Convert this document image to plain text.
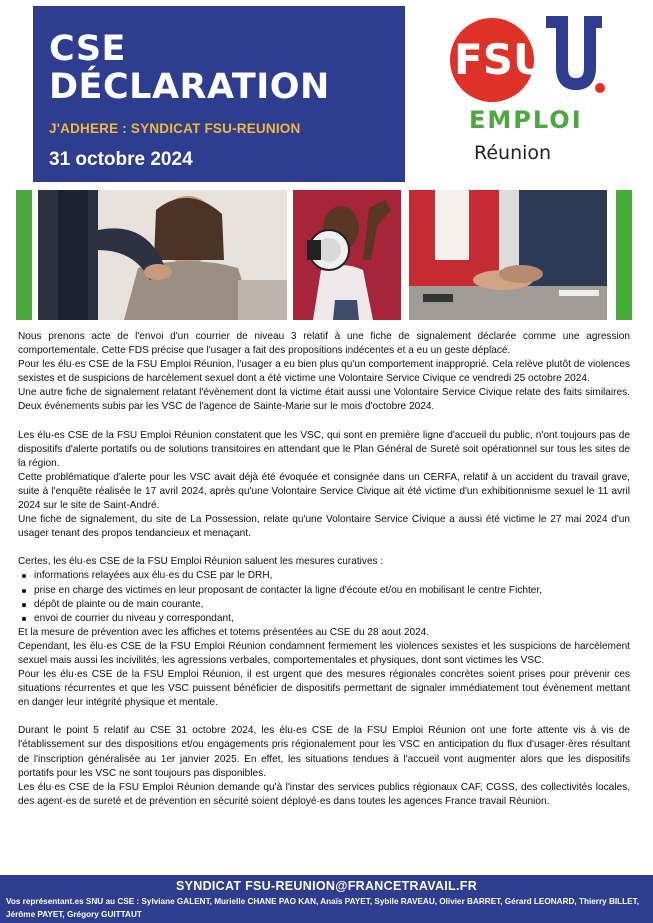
CSE
DÉCLARATION
J'ADHERE : SYNDICAT FSU-REUNION
31 octobre 2024
FSU
EMPLOI
Réunion

Nous prenons acte de l'envoi d'un courrier de niveau 3 relatif à une fiche de signalement déclarée comme une agression comportementale. Cette FDS précise que l'usager a fait des propositions indécentes et a eu un geste déplacé.

Pour les élu·es CSE de la FSU Emploi Réunion, l'usager a eu bien plus qu'un comportement inapproprié. Cela relève plutôt de violences sexistes et de suspicions de harcèlement sexuel dont a été victime une Volontaire Service Civique ce vendredi 25 octobre 2024.

Une autre fiche de signalement relatant l'évènement dont la victime était aussi une Volontaire Service Civique relate des faits similaires. Deux événements subis par les VSC de l'agence de Sainte-Marie sur le mois d'octobre 2024.

Les élu·es CSE de la FSU Emploi Réunion constatent que les VSC, qui sont en première ligne d'accueil du public, n'ont toujours pas de dispositifs d'alerte portatifs ou de solutions transitoires en attendant que le Plan Général de Sureté soit opérationnel sur tous les sites de la région.

Cette problématique d'alerte pour les VSC avait déjà été évoquée et consignée dans un CERFA, relatif à un accident du travail grave, suite à l'enquête réalisée le 17 avril 2024, après qu'une Volontaire Service Civique ait été victime d'un exhibitionnisme sexuel le 11 avril 2024 sur le site de Saint-André.

Une fiche de signalement, du site de La Possession, relate qu'une Volontaire Service Civique a aussi été victime le 27 mai 2024 d'un usager tenant des propos tendancieux et menaçant.

Certes, les élu·es CSE de la FSU Emploi Réunion saluent les mesures curatives :

informations relayées aux élu·es du CSE par le DRH,
prise en charge des victimes en leur proposant de contacter la ligne d'écoute et/ou en mobilisant le centre Fichter,
dépôt de plainte ou de main courante,
envoi de courrier du niveau y correspondant,

Et la mesure de prévention avec les affiches et totems présentées au CSE du 28 aout 2024.

Cependant, les élu·es CSE de la FSU Emploi Réunion condamnent fermement les violences sexistes et les suspicions de harcèlement sexuel mais aussi les incivilités, les agressions verbales, comportementales et physiques, dont sont victimes les VSC.

Pour les élu·es CSE de la FSU Emploi Réunion, il est urgent que des mesures régionales concrètes soient prises pour prévenir ces situations récurrentes et que les VSC puissent bénéficier de dispositifs permettant de signaler immédiatement tout évènement mettant en danger leur intégrité physique et mentale.

Durant le point 5 relatif au CSE 31 octobre 2024, les élu·es CSE de la FSU Emploi Réunion ont une forte attente vis à vis de l'établissement sur des dispositions et/ou engagements pris régionalement pour les VSC en anticipation du flux d'usager·ères résultant de l'inscription généralisée au 1er janvier 2025. En effet, les situations tendues à l'accueil vont augmenter alors que les dispositifs portatifs pour les VSC ne sont toujours pas disponibles.

Les élu·es CSE de la FSU Emploi Réunion demande qu'à l'instar des services publics régionaux CAF, CGSS, des collectivités locales, des agent·es de sureté et de prévention en sécurité soient déployé·es dans toutes les agences France travail Réunion.

SYNDICAT FSU-REUNION@FRANCETRAVAIL.FR
Vos représentant.es SNU au CSE : Sylviane GALENT, Murielle CHANE PAO KAN, Anaïs PAYET, Sybile RAVEAU, Olivier BARRET, Gérard LEONARD, Thierry BILLET, Jérôme PAYET, Grégory GUITTAUT
